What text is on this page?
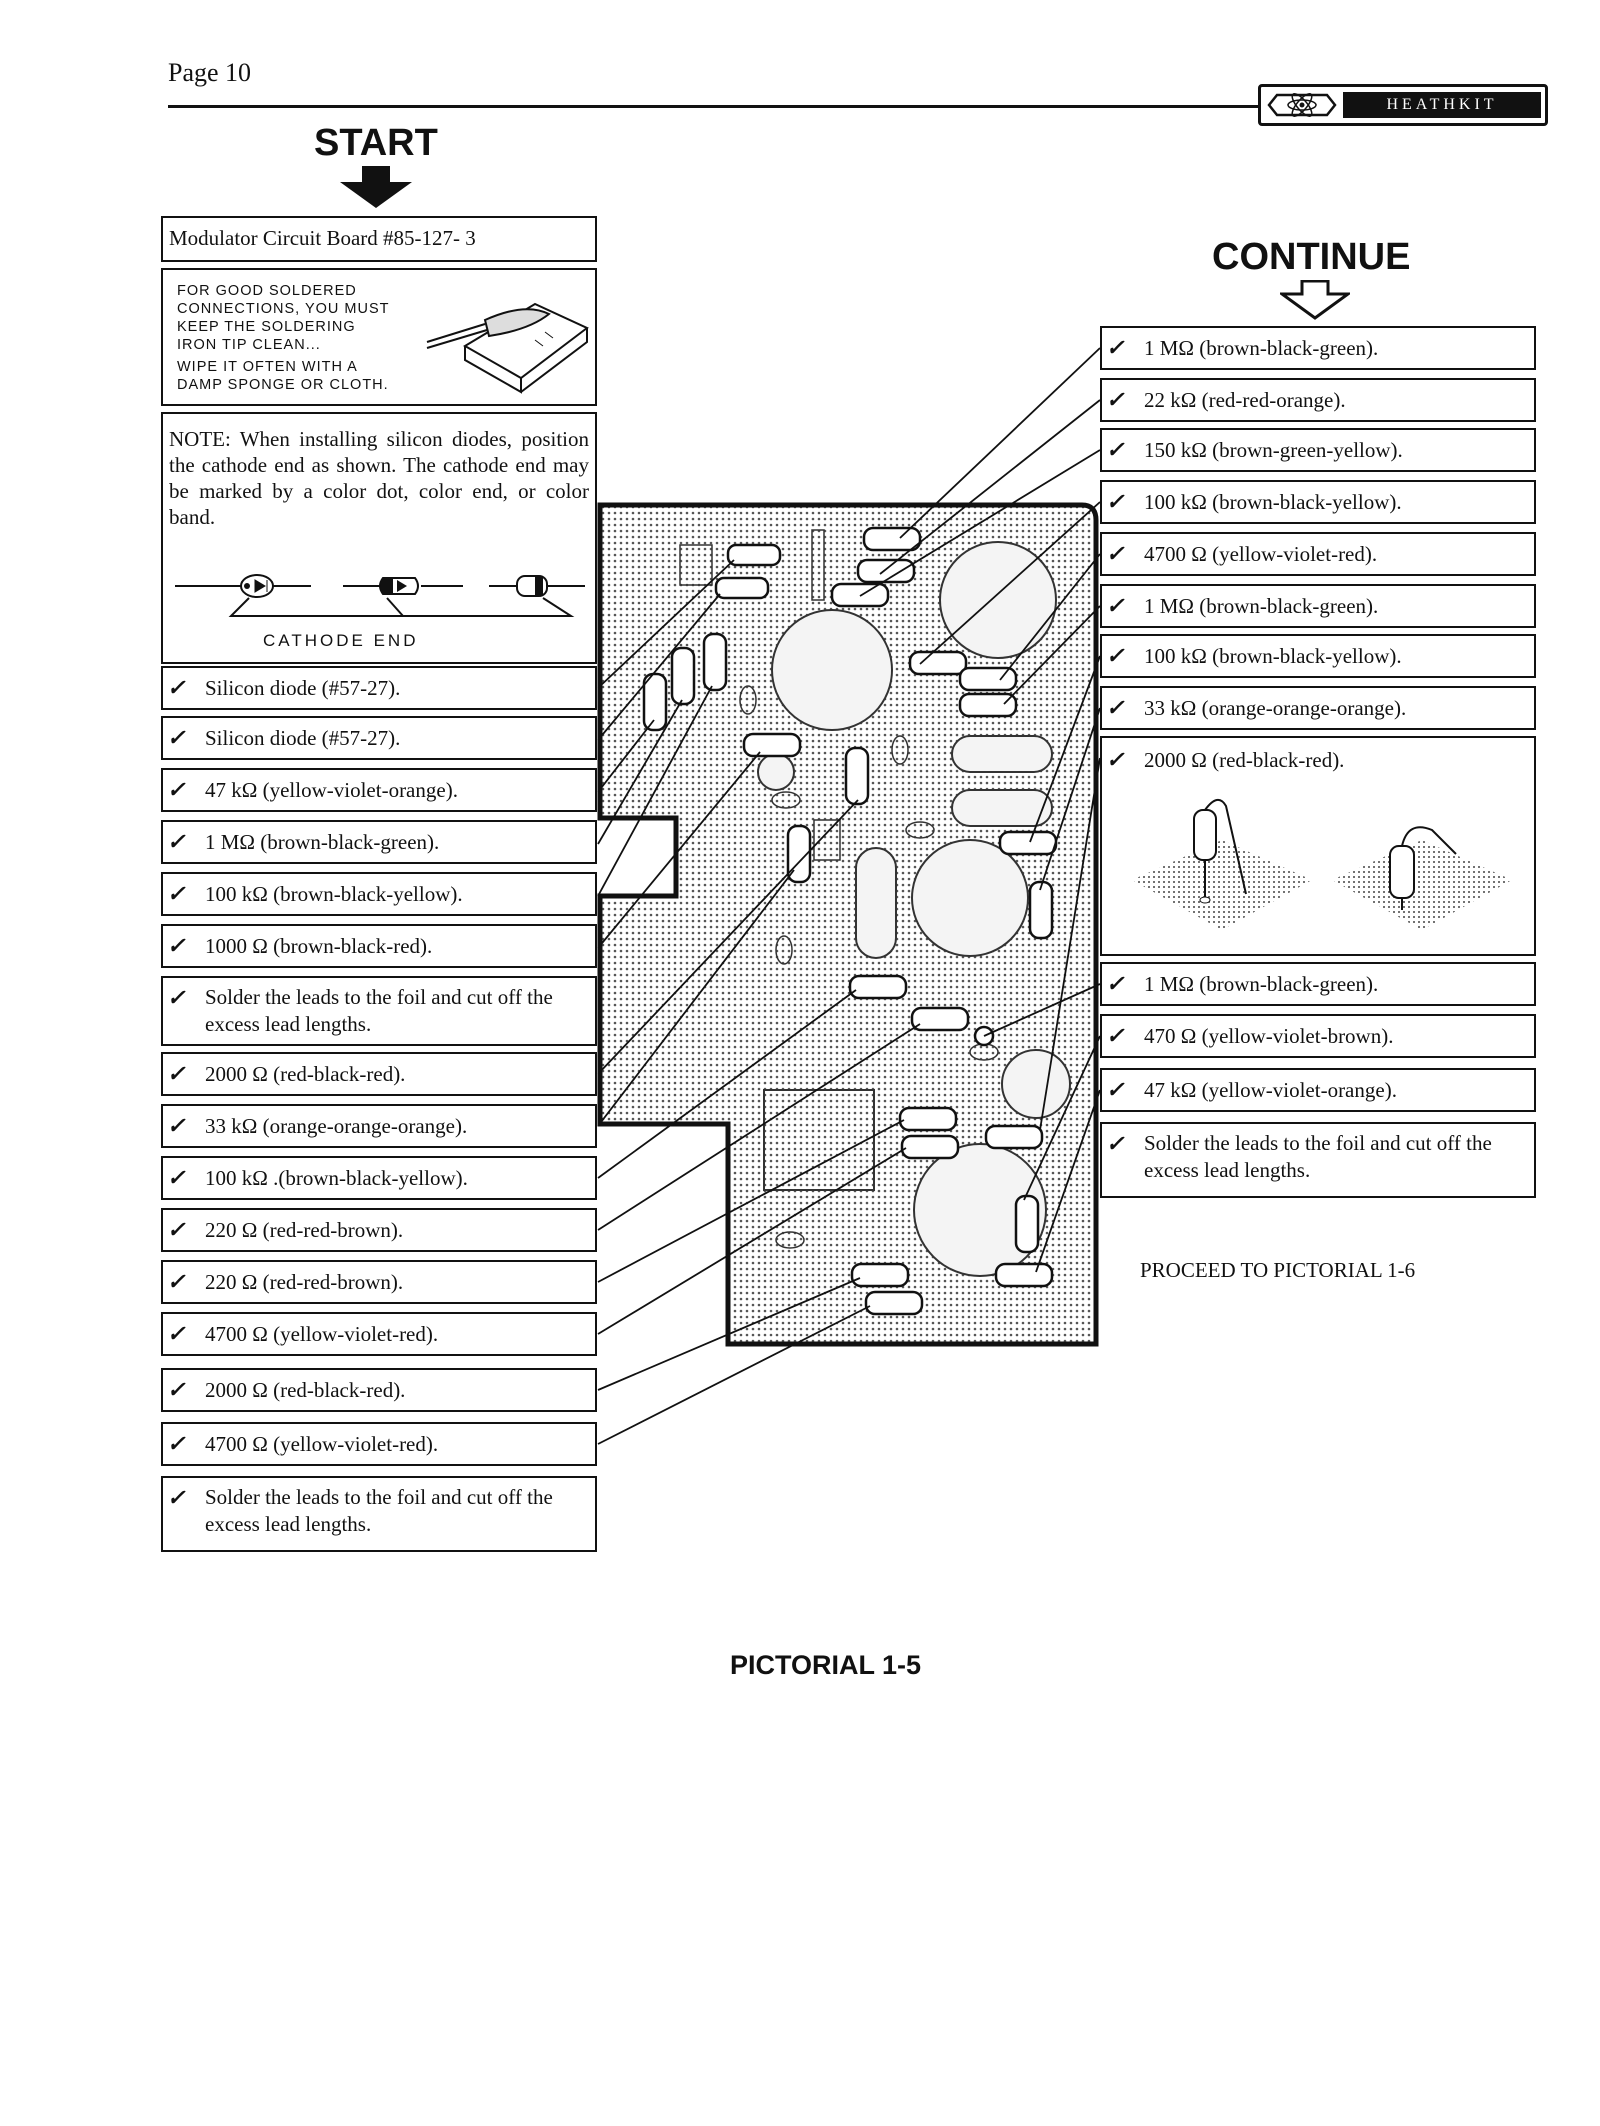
Page 10
HEATHKIT
START
CONTINUE
Modulator Circuit Board #85-127- 3
FOR GOOD SOLDERED
CONNECTIONS, YOU MUST
KEEP THE SOLDERING
IRON TIP CLEAN...
WIPE IT OFTEN WITH A
DAMP SPONGE OR CLOTH.
NOTE: When installing silicon diodes, position the cathode end as shown. The cathode end may be marked by a color dot, color end, or color band.
CATHODE END
✓ Silicon diode (#57-27).
✓ Silicon diode (#57-27).
✓ 47 kΩ (yellow-violet-orange).
✓ 1 MΩ (brown-black-green).
✓ 100 kΩ (brown-black-yellow).
✓ 1000 Ω (brown-black-red).
✓ Solder the leads to the foil and cut off the excess lead lengths.
✓ 2000 Ω (red-black-red).
✓ 33 kΩ (orange-orange-orange).
✓ 100 kΩ .(brown-black-yellow).
✓ 220 Ω (red-red-brown).
✓ 220 Ω (red-red-brown).
✓ 4700 Ω (yellow-violet-red).
✓ 2000 Ω (red-black-red).
✓ 4700 Ω (yellow-violet-red).
✓ Solder the leads to the foil and cut off the excess lead lengths.
✓ 1 MΩ (brown-black-green).
✓ 22 kΩ (red-red-orange).
✓ 150 kΩ (brown-green-yellow).
✓ 100 kΩ (brown-black-yellow).
✓ 4700 Ω (yellow-violet-red).
✓ 1 MΩ (brown-black-green).
✓ 100 kΩ (brown-black-yellow).
✓ 33 kΩ (orange-orange-orange).
✓ 2000 Ω (red-black-red).
✓ 1 MΩ (brown-black-green).
✓ 470 Ω (yellow-violet-brown).
✓ 47 kΩ (yellow-violet-orange).
✓ Solder the leads to the foil and cut off the excess lead lengths.
PROCEED TO PICTORIAL 1-6
PICTORIAL 1-5
